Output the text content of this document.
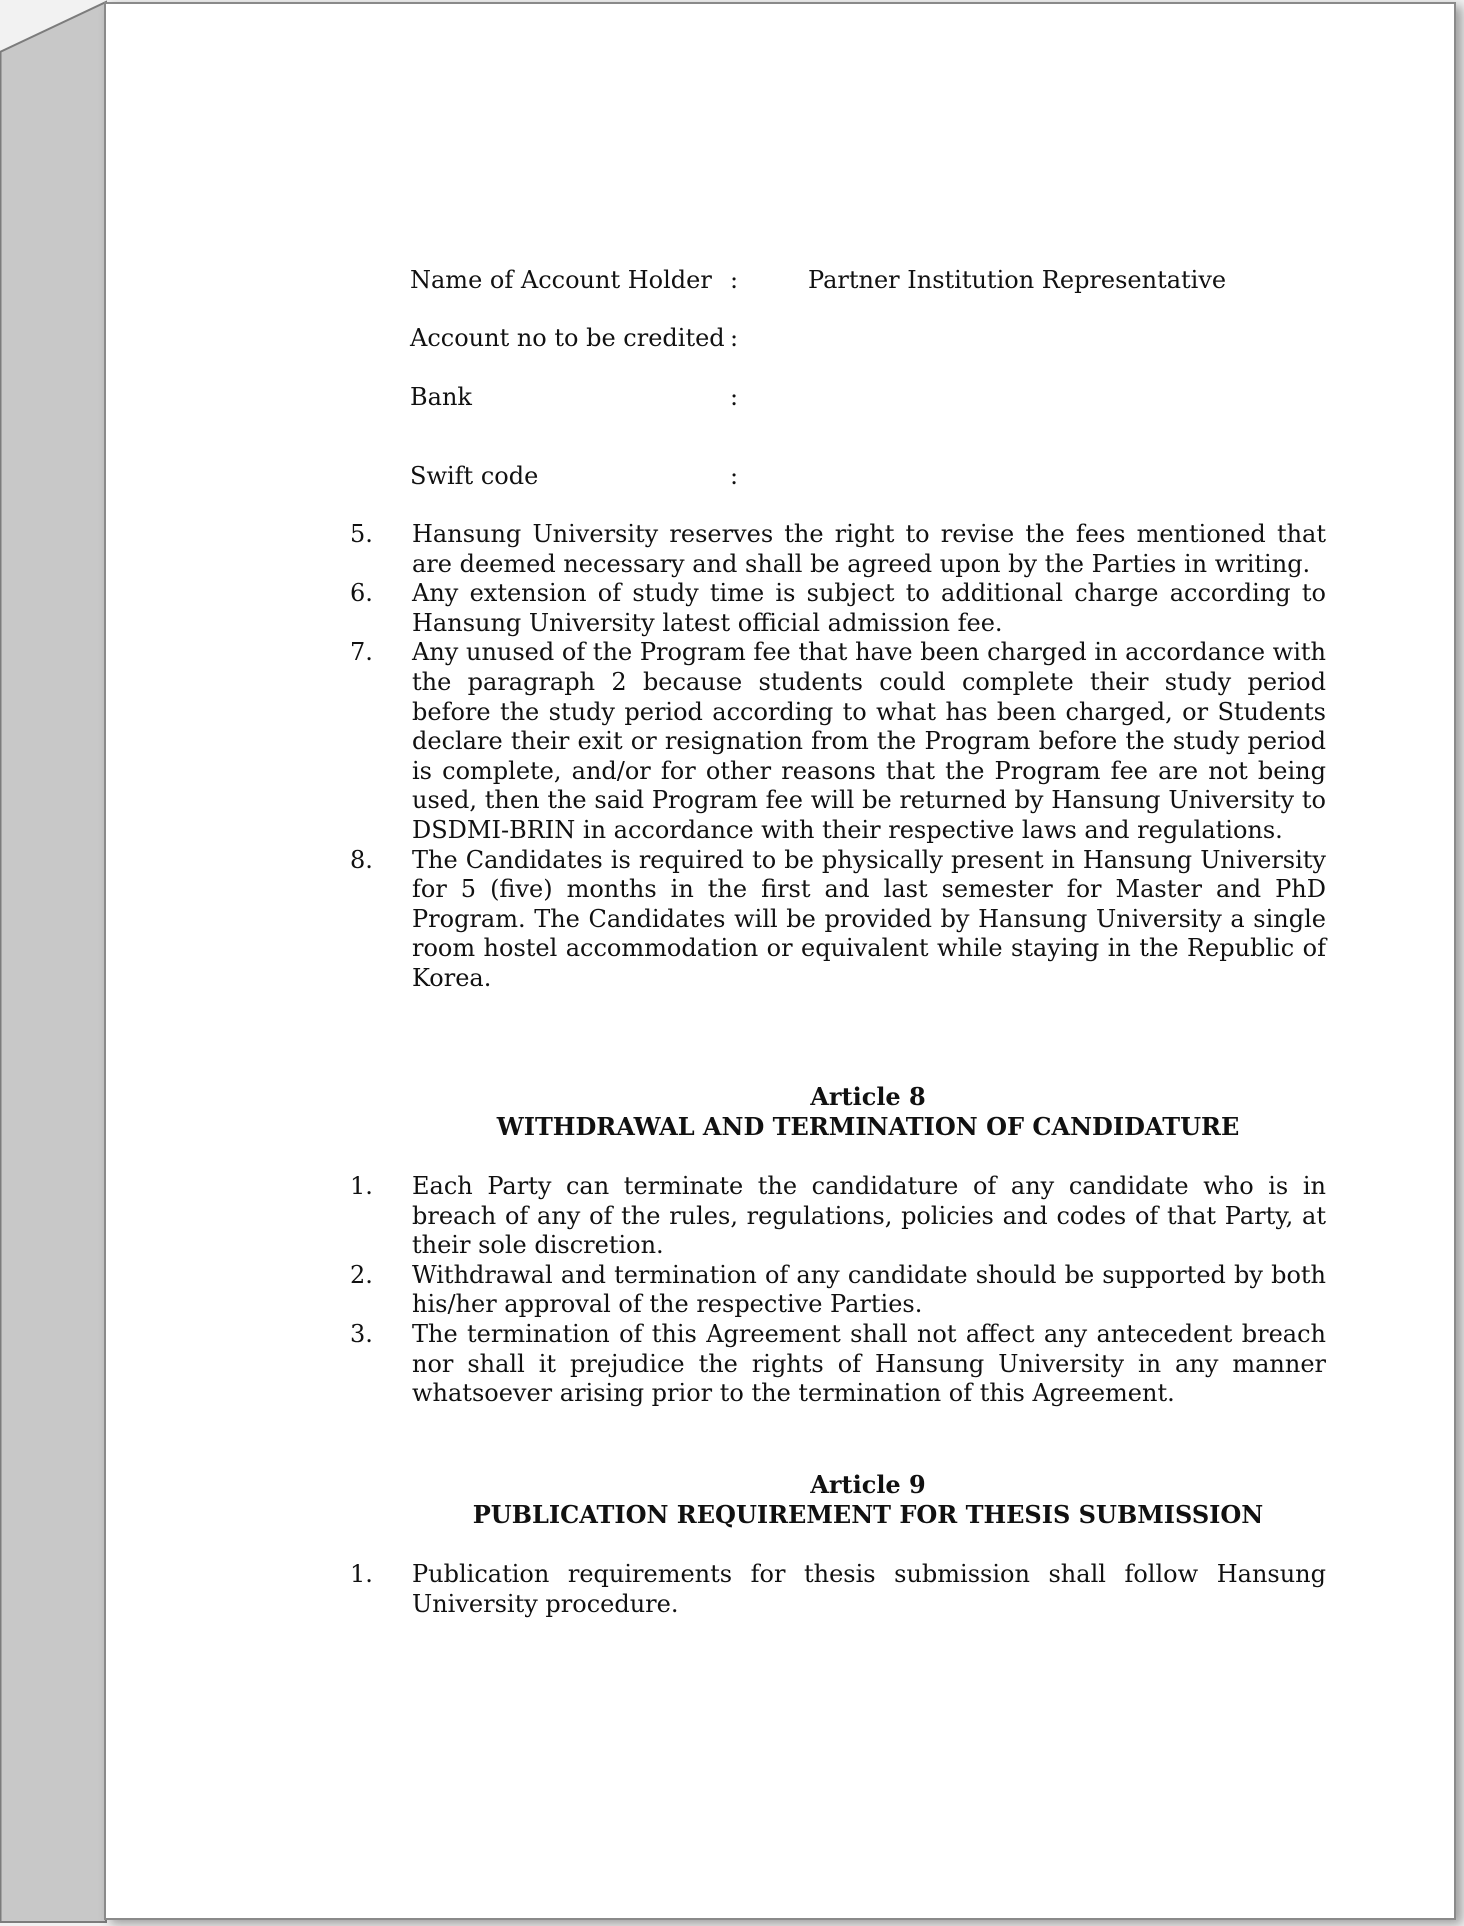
Name of Account Holder :	Partner Institution Representative
Account no to be credited :
Bank	:
Swift code	:
5. Hansung University reserves the right to revise the fees mentioned that are deemed necessary and shall be agreed upon by the Parties in writing.
6. Any extension of study time is subject to additional charge according to Hansung University latest official admission fee.
7. Any unused of the Program fee that have been charged in accordance with the paragraph 2 because students could complete their study period before the study period according to what has been charged, or Students declare their exit or resignation from the Program before the study period is complete, and/or for other reasons that the Program fee are not being used, then the said Program fee will be returned by Hansung University to DSDMI-BRIN in accordance with their respective laws and regulations.
8. The Candidates is required to be physically present in Hansung University for 5 (five) months in the first and last semester for Master and PhD Program. The Candidates will be provided by Hansung University a single room hostel accommodation or equivalent while staying in the Republic of Korea.
Article 8
WITHDRAWAL AND TERMINATION OF CANDIDATURE
1. Each Party can terminate the candidature of any candidate who is in breach of any of the rules, regulations, policies and codes of that Party, at their sole discretion.
2. Withdrawal and termination of any candidate should be supported by both his/her approval of the respective Parties.
3. The termination of this Agreement shall not affect any antecedent breach nor shall it prejudice the rights of Hansung University in any manner whatsoever arising prior to the termination of this Agreement.
Article 9
PUBLICATION REQUIREMENT FOR THESIS SUBMISSION
1. Publication requirements for thesis submission shall follow Hansung University procedure.
